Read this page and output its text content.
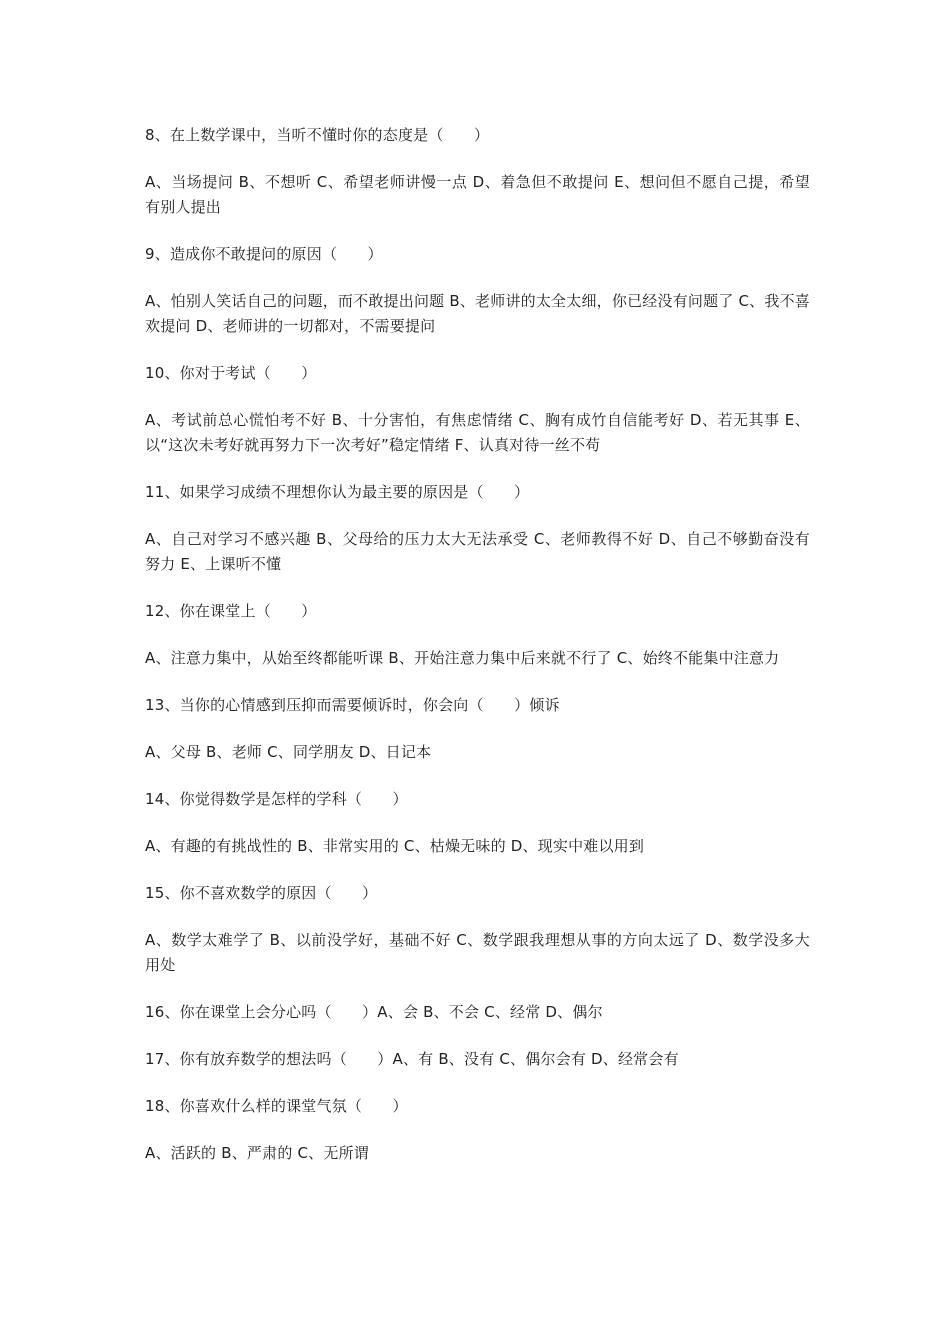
8、在上数学课中，当听不懂时你的态度是（　　）

A、当场提问 B、不想听 C、希望老师讲慢一点 D、着急但不敢提问 E、想问但不愿自己提，希望有别人提出

9、造成你不敢提问的原因（　　）

A、怕别人笑话自己的问题，而不敢提出问题 B、老师讲的太全太细，你已经没有问题了 C、我不喜欢提问 D、老师讲的一切都对，不需要提问

10、你对于考试（　　）

A、考试前总心慌怕考不好 B、十分害怕，有焦虑情绪 C、胸有成竹自信能考好 D、若无其事 E、以“这次未考好就再努力下一次考好”稳定情绪 F、认真对待一丝不苟

11、如果学习成绩不理想你认为最主要的原因是（　　）

A、自己对学习不感兴趣 B、父母给的压力太大无法承受 C、老师教得不好 D、自己不够勤奋没有努力 E、上课听不懂

12、你在课堂上（　　）

A、注意力集中，从始至终都能听课 B、开始注意力集中后来就不行了 C、始终不能集中注意力

13、当你的心情感到压抑而需要倾诉时，你会向（　　）倾诉

A、父母 B、老师 C、同学朋友 D、日记本

14、你觉得数学是怎样的学科（　　）

A、有趣的有挑战性的 B、非常实用的 C、枯燥无味的 D、现实中难以用到

15、你不喜欢数学的原因（　　）

A、数学太难学了 B、以前没学好，基础不好 C、数学跟我理想从事的方向太远了 D、数学没多大用处

16、你在课堂上会分心吗（　　）A、会 B、不会 C、经常 D、偶尔

17、你有放弃数学的想法吗（　　）A、有 B、没有 C、偶尔会有 D、经常会有

18、你喜欢什么样的课堂气氛（　　）

A、活跃的 B、严肃的 C、无所谓
